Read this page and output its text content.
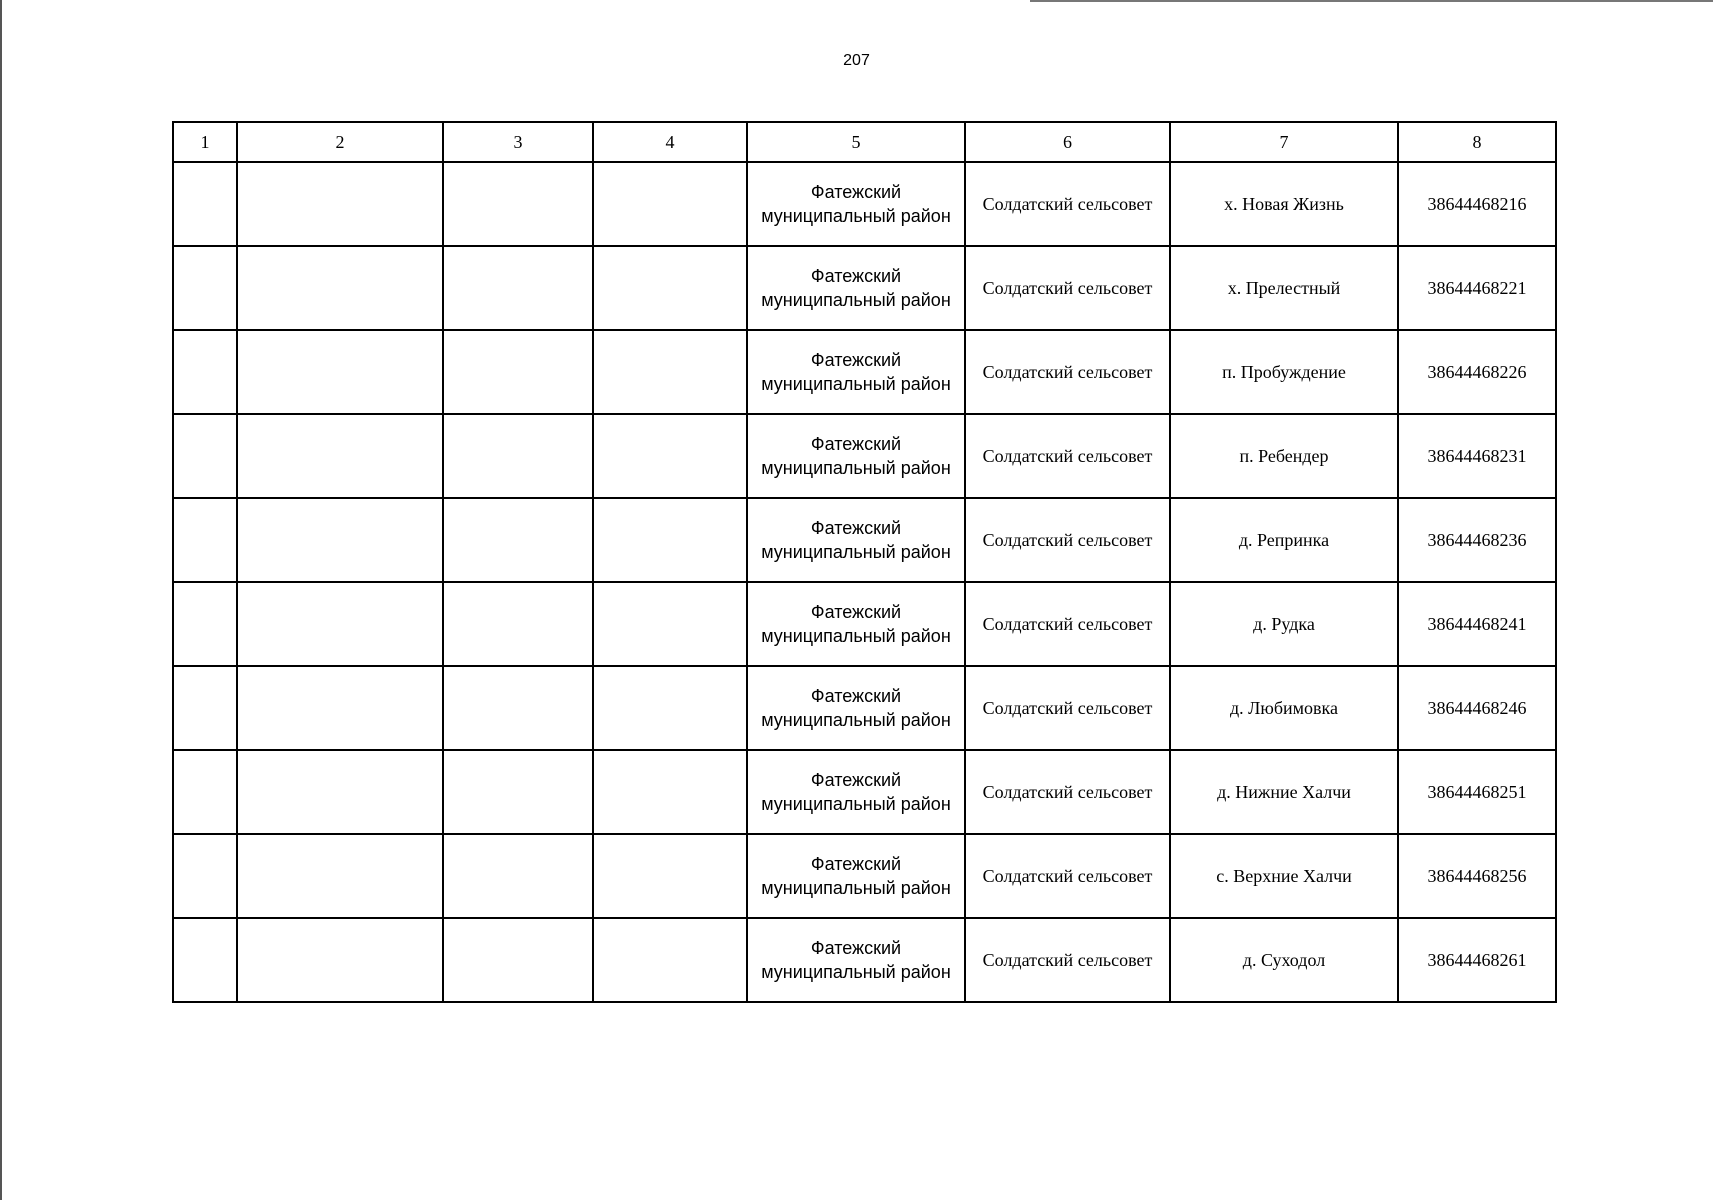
207
1	2	3	4	5	6	7	8

				Фатежский
муниципальный район	Солдатский сельсовет	х. Новая Жизнь	38644468216

				Фатежский
муниципальный район	Солдатский сельсовет	х. Прелестный	38644468221

				Фатежский
муниципальный район	Солдатский сельсовет	п. Пробуждение	38644468226

				Фатежский
муниципальный район	Солдатский сельсовет	п. Ребендер	38644468231

				Фатежский
муниципальный район	Солдатский сельсовет	д. Репринка	38644468236

				Фатежский
муниципальный район	Солдатский сельсовет	д. Рудка	38644468241

				Фатежский
муниципальный район	Солдатский сельсовет	д. Любимовка	38644468246

				Фатежский
муниципальный район	Солдатский сельсовет	д. Нижние Халчи	38644468251

				Фатежский
муниципальный район	Солдатский сельсовет	с. Верхние Халчи	38644468256

				Фатежский
муниципальный район	Солдатский сельсовет	д. Суходол	38644468261
